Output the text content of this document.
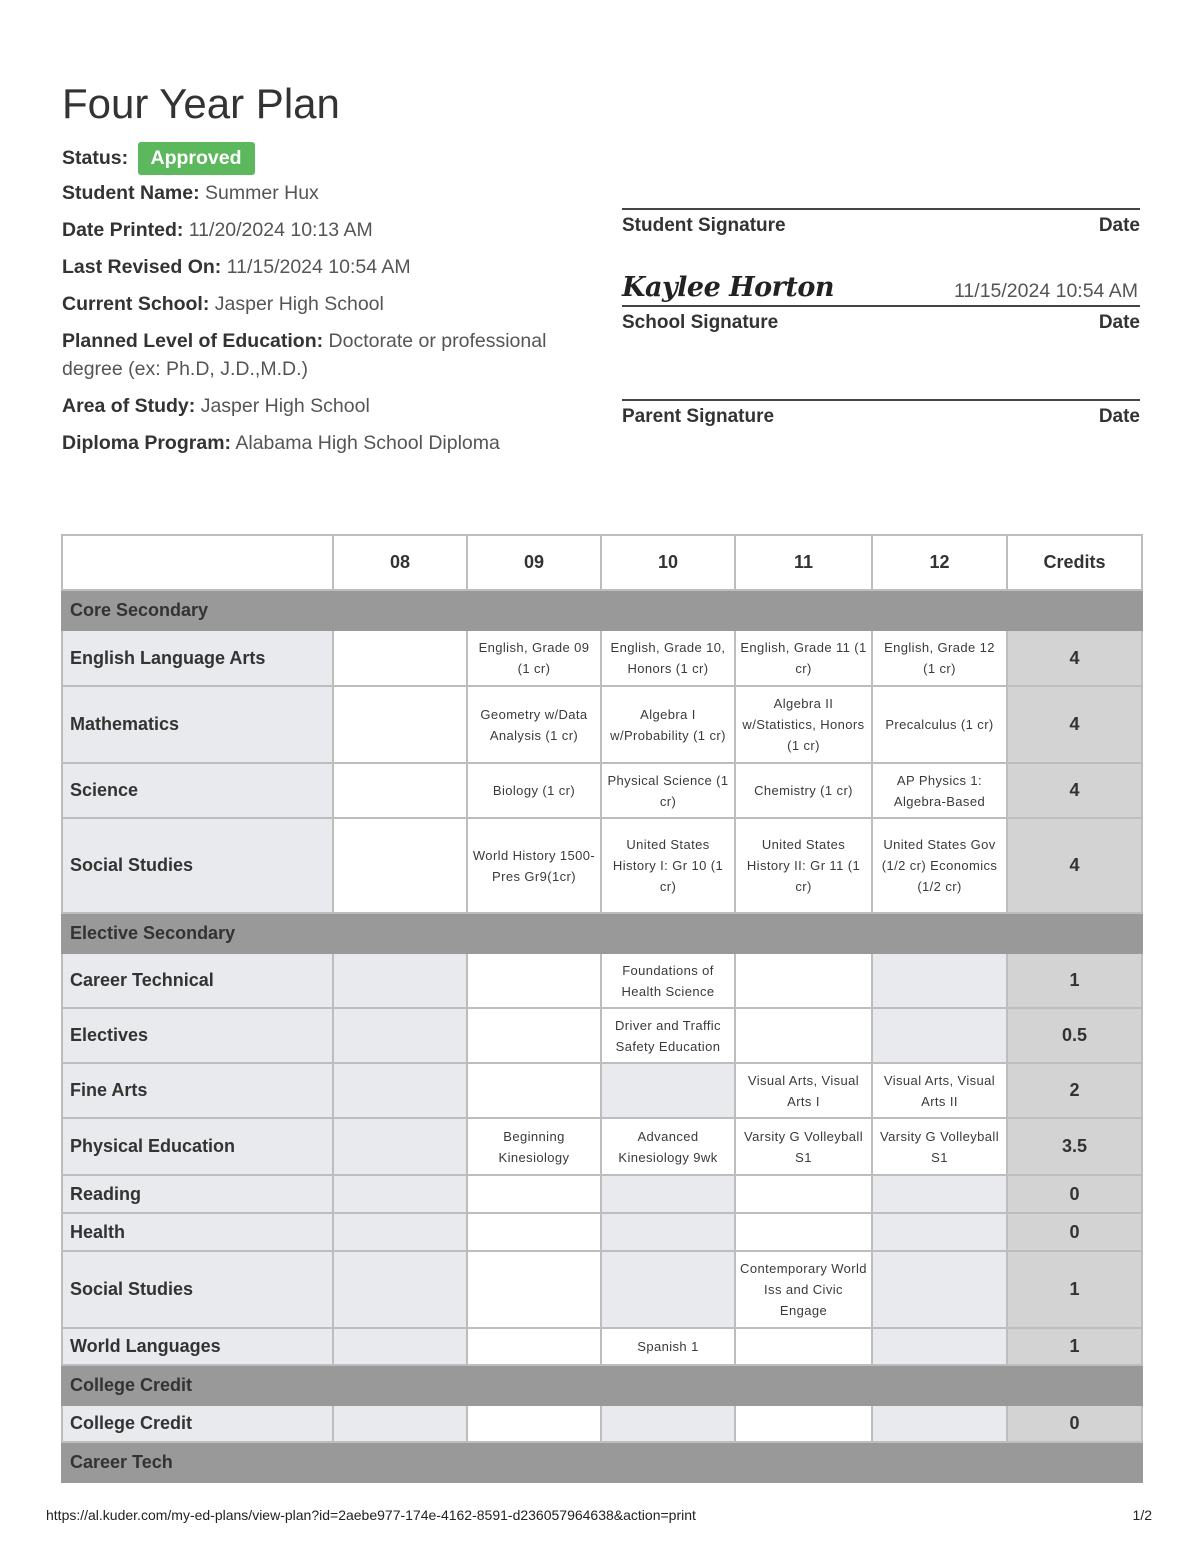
Four Year Plan
Status: Approved
Student Name: Summer Hux
Date Printed: 11/20/2024 10:13 AM
Last Revised On: 11/15/2024 10:54 AM
Current School: Jasper High School
Planned Level of Education: Doctorate or professional degree (ex: Ph.D, J.D.,M.D.)
Area of Study: Jasper High School
Diploma Program: Alabama High School Diploma
Student Signature	Date
Kaylee Horton	11/15/2024 10:54 AM
School Signature	Date
Parent Signature	Date
	08	09	10	11	12	Credits
Core Secondary						
English Language Arts		English, Grade 09 (1 cr)	English, Grade 10, Honors (1 cr)	English, Grade 11 (1 cr)	English, Grade 12 (1 cr)	4
Mathematics		Geometry w/Data Analysis (1 cr)	Algebra I w/Probability (1 cr)	Algebra II w/Statistics, Honors (1 cr)	Precalculus (1 cr)	4
Science		Biology (1 cr)	Physical Science (1 cr)	Chemistry (1 cr)	AP Physics 1: Algebra-Based	4
Social Studies		World History 1500-Pres Gr9(1cr)	United States History I: Gr 10 (1 cr)	United States History II: Gr 11 (1 cr)	United States Gov (1/2 cr) Economics (1/2 cr)	4
Elective Secondary						
Career Technical			Foundations of Health Science			1
Electives			Driver and Traffic Safety Education			0.5
Fine Arts				Visual Arts, Visual Arts I	Visual Arts, Visual Arts II	2
Physical Education		Beginning Kinesiology	Advanced Kinesiology 9wk	Varsity G Volleyball S1	Varsity G Volleyball S1	3.5
Reading						0
Health						0
Social Studies				Contemporary World Iss and Civic Engage		1
World Languages			Spanish 1			1
College Credit						
College Credit						0
Career Tech						
https://al.kuder.com/my-ed-plans/view-plan?id=2aebe977-174e-4162-8591-d236057964638&action=print	1/2
